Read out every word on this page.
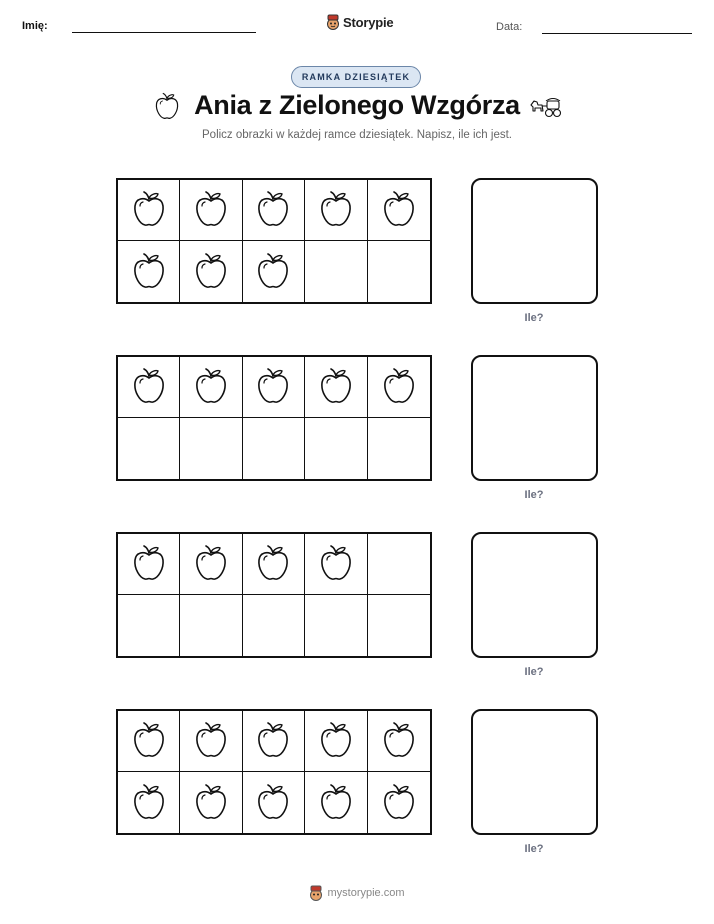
Imię:	Storypie	Data:
RAMKA DZIESIĄTEK
Ania z Zielonego Wzgórza
Policz obrazki w każdej ramce dziesiątek. Napisz, ile ich jest.
Ile?
Ile?
Ile?
Ile?
mystorypie.com
